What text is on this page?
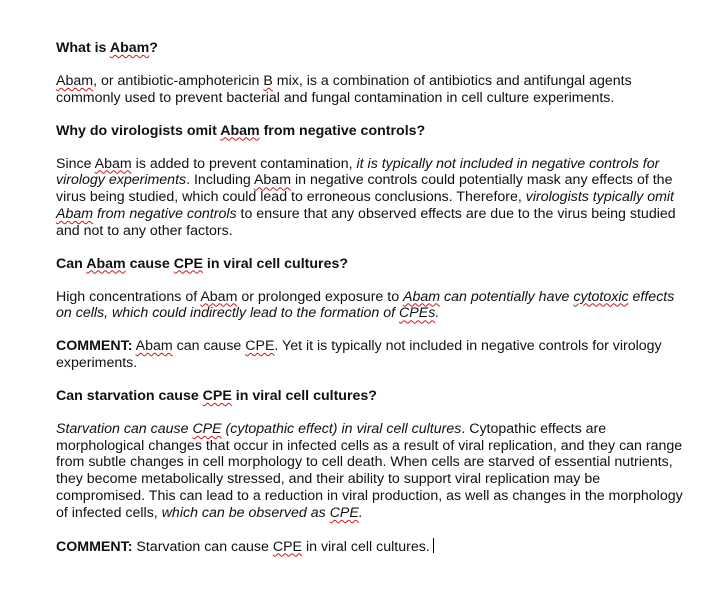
What is Abam?

Abam, or antibiotic-amphotericin B mix, is a combination of antibiotics and antifungal agents commonly used to prevent bacterial and fungal contamination in cell culture experiments.

Why do virologists omit Abam from negative controls?

Since Abam is added to prevent contamination, it is typically not included in negative controls for virology experiments. Including Abam in negative controls could potentially mask any effects of the virus being studied, which could lead to erroneous conclusions. Therefore, virologists typically omit Abam from negative controls to ensure that any observed effects are due to the virus being studied and not to any other factors.

Can Abam cause CPE in viral cell cultures?

High concentrations of Abam or prolonged exposure to Abam can potentially have cytotoxic effects on cells, which could indirectly lead to the formation of CPEs.

COMMENT: Abam can cause CPE. Yet it is typically not included in negative controls for virology experiments.

Can starvation cause CPE in viral cell cultures?

Starvation can cause CPE (cytopathic effect) in viral cell cultures. Cytopathic effects are morphological changes that occur in infected cells as a result of viral replication, and they can range from subtle changes in cell morphology to cell death. When cells are starved of essential nutrients, they become metabolically stressed, and their ability to support viral replication may be compromised. This can lead to a reduction in viral production, as well as changes in the morphology of infected cells, which can be observed as CPE.

COMMENT: Starvation can cause CPE in viral cell cultures.
